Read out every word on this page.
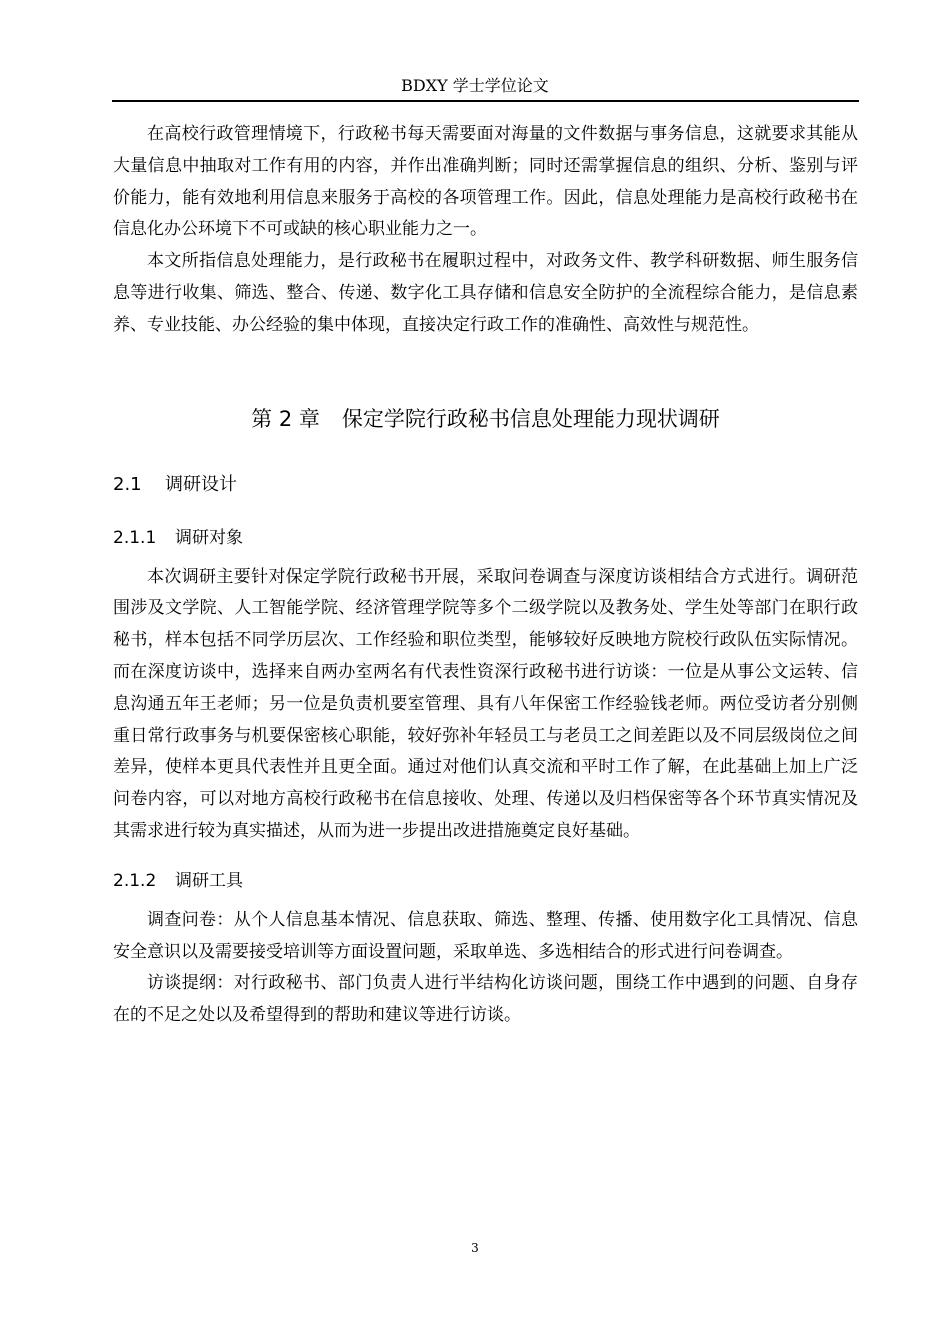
BDXY 学士学位论文

在高校行政管理情境下，行政秘书每天需要面对海量的文件数据与事务信息，这就要求其能从大量信息中抽取对工作有用的内容，并作出准确判断；同时还需掌握信息的组织、分析、鉴别与评价能力，能有效地利用信息来服务于高校的各项管理工作。因此，信息处理能力是高校行政秘书在信息化办公环境下不可或缺的核心职业能力之一。

本文所指信息处理能力，是行政秘书在履职过程中，对政务文件、教学科研数据、师生服务信息等进行收集、筛选、整合、传递、数字化工具存储和信息安全防护的全流程综合能力，是信息素养、专业技能、办公经验的集中体现，直接决定行政工作的准确性、高效性与规范性。

第 2 章 保定学院行政秘书信息处理能力现状调研
2.1 调研设计
2.1.1 调研对象

本次调研主要针对保定学院行政秘书开展，采取问卷调查与深度访谈相结合方式进行。调研范围涉及文学院、人工智能学院、经济管理学院等多个二级学院以及教务处、学生处等部门在职行政秘书，样本包括不同学历层次、工作经验和职位类型，能够较好反映地方院校行政队伍实际情况。而在深度访谈中，选择来自两办室两名有代表性资深行政秘书进行访谈：一位是从事公文运转、信息沟通五年王老师；另一位是负责机要室管理、具有八年保密工作经验钱老师。两位受访者分别侧重日常行政事务与机要保密核心职能，较好弥补年轻员工与老员工之间差距以及不同层级岗位之间差异，使样本更具代表性并且更全面。通过对他们认真交流和平时工作了解，在此基础上加上广泛问卷内容，可以对地方高校行政秘书在信息接收、处理、传递以及归档保密等各个环节真实情况及其需求进行较为真实描述，从而为进一步提出改进措施奠定良好基础。

2.1.2 调研工具

调查问卷：从个人信息基本情况、信息获取、筛选、整理、传播、使用数字化工具情况、信息安全意识以及需要接受培训等方面设置问题，采取单选、多选相结合的形式进行问卷调查。

访谈提纲：对行政秘书、部门负责人进行半结构化访谈问题，围绕工作中遇到的问题、自身存在的不足之处以及希望得到的帮助和建议等进行访谈。

3
